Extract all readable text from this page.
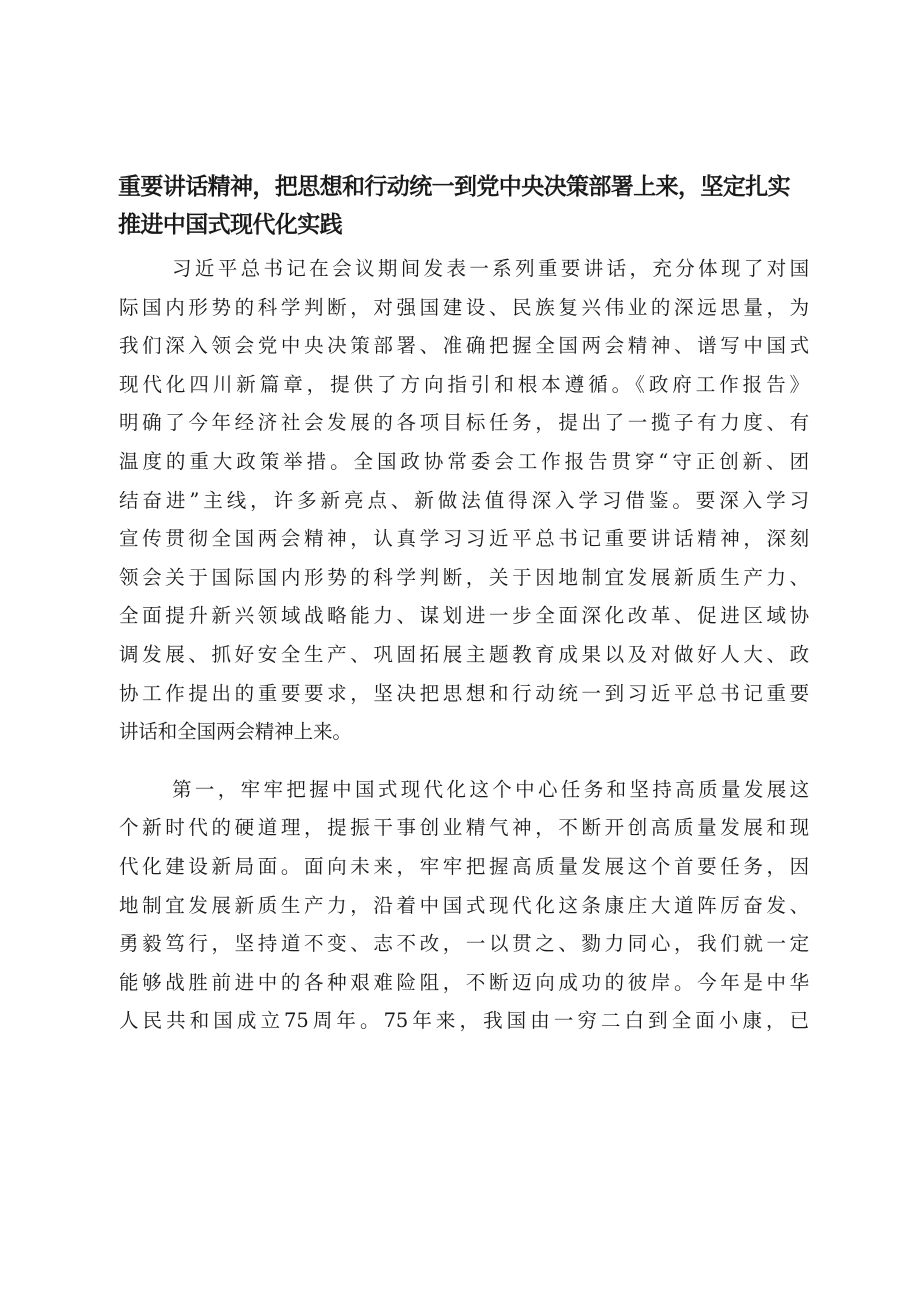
重要讲话精神，把思想和行动统一到党中央决策部署上来，坚定扎实
推进中国式现代化实践

习近平总书记在会议期间发表一系列重要讲话，充分体现了对国
际国内形势的科学判断，对强国建设、民族复兴伟业的深远思量，为
我们深入领会党中央决策部署、准确把握全国两会精神、谱写中国式
现代化四川新篇章，提供了方向指引和根本遵循。《政府工作报告》
明确了今年经济社会发展的各项目标任务，提出了一揽子有力度、有
温度的重大政策举措。全国政协常委会工作报告贯穿“守正创新、团
结奋进”主线，许多新亮点、新做法值得深入学习借鉴。要深入学习
宣传贯彻全国两会精神，认真学习习近平总书记重要讲话精神，深刻
领会关于国际国内形势的科学判断，关于因地制宜发展新质生产力、
全面提升新兴领域战略能力、谋划进一步全面深化改革、促进区域协
调发展、抓好安全生产、巩固拓展主题教育成果以及对做好人大、政
协工作提出的重要要求，坚决把思想和行动统一到习近平总书记重要
讲话和全国两会精神上来。

第一，牢牢把握中国式现代化这个中心任务和坚持高质量发展这
个新时代的硬道理，提振干事创业精气神，不断开创高质量发展和现
代化建设新局面。面向未来，牢牢把握高质量发展这个首要任务，因
地制宜发展新质生产力，沿着中国式现代化这条康庄大道阵厉奋发、
勇毅笃行，坚持道不变、志不改，一以贯之、勠力同心，我们就一定
能够战胜前进中的各种艰难险阻，不断迈向成功的彼岸。今年是中华
人民共和国成立75周年。75年来，我国由一穷二白到全面小康，已
